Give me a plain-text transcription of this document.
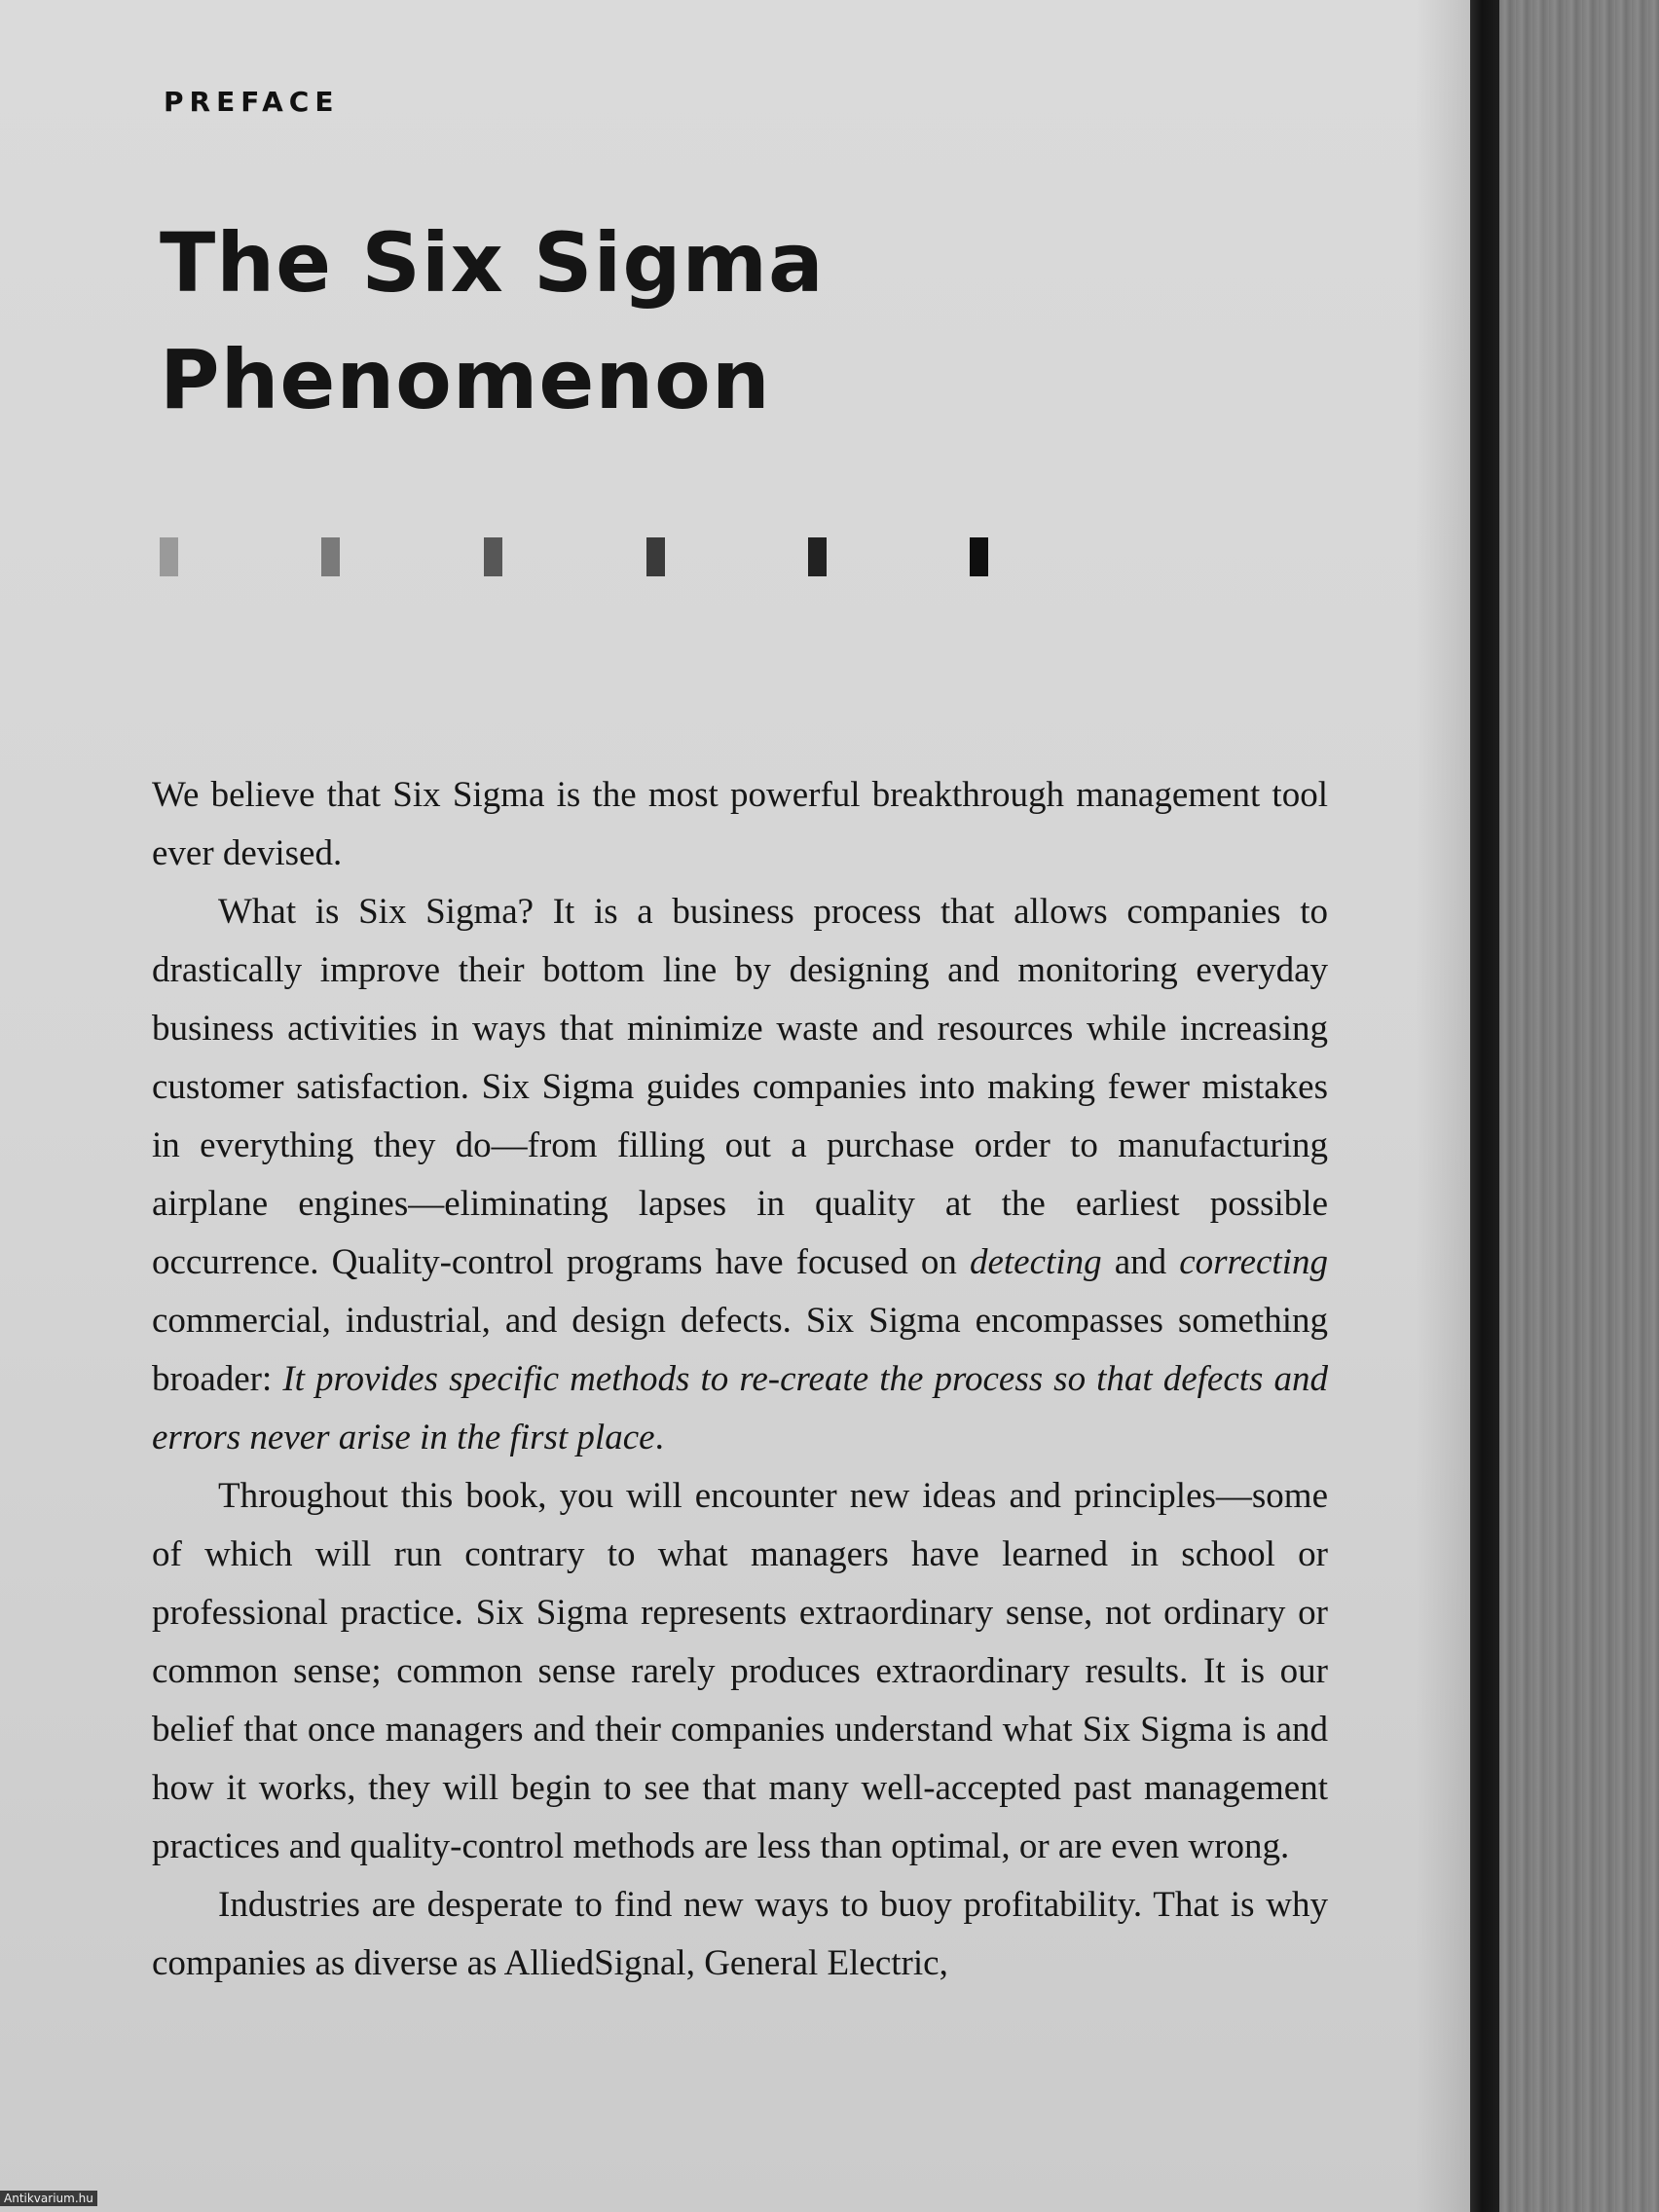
PREFACE
The Six Sigma
Phenomenon

We believe that Six Sigma is the most powerful breakthrough management tool ever devised.

What is Six Sigma? It is a business process that allows companies to drastically improve their bottom line by designing and monitoring everyday business activities in ways that minimize waste and resources while increasing customer satisfaction. Six Sigma guides companies into making fewer mistakes in everything they do—from filling out a purchase order to manufacturing airplane engines—eliminating lapses in quality at the earliest possible occurrence. Quality-control programs have focused on detecting and correcting commercial, industrial, and design defects. Six Sigma encompasses something broader: It provides specific methods to re-create the process so that defects and errors never arise in the first place.

Throughout this book, you will encounter new ideas and principles—some of which will run contrary to what managers have learned in school or professional practice. Six Sigma represents extraordinary sense, not ordinary or common sense; common sense rarely produces extraordinary results. It is our belief that once managers and their companies understand what Six Sigma is and how it works, they will begin to see that many well-accepted past management practices and quality-control methods are less than optimal, or are even wrong.

Industries are desperate to find new ways to buoy profitability. That is why companies as diverse as AlliedSignal, General Electric,

Antikvarium.hu
